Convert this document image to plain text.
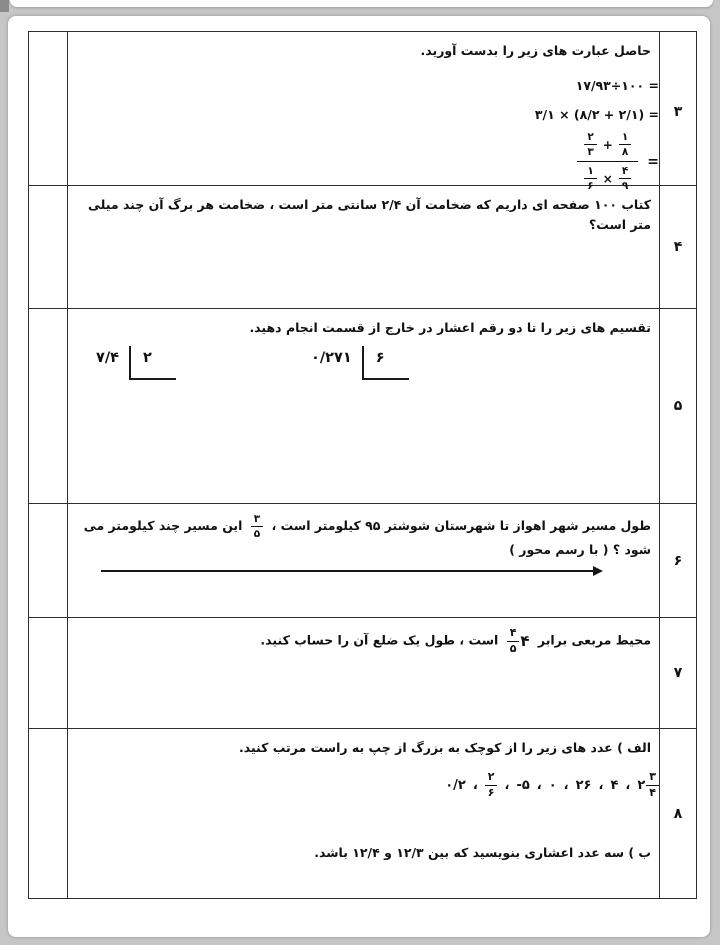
حاصل عبارت های زیر را بدست آورید.
۱۷/۹۳÷۱۰۰ =
۳/۱ × (۸/۲ + ۲/۱) =
۲
۳
+
۱
۸
۱
۶
×
۴
۹
=
۳
کتاب ۱۰۰ صفحه ای داریم که ضخامت آن ۲/۴ سانتی متر است ، ضخامت هر برگ آن چند میلی متر است؟
۴
تقسیم های زیر را تا دو رقم اعشار در خارج از قسمت انجام دهید.
۷/۴	۲	۰/۲۷۱	۶
۵
طول مسیر شهر اهواز تا شهرستان شوشتر ۹۵ کیلومتر است ،
۳
۵
این مسیر چند کیلومتر می شود ؟ ( با رسم محور )
۶
محیط مربعی برابر
۴
۴
۵
است ، طول یک ضلع آن را حساب کنید.
۷
الف ) عدد های زیر را از کوچک به بزرگ از چپ به راست مرتب کنید.
۰/۲ ،
۲
۶ ، -۵ ، ۰ ، ۲۶ ، ۴ ، ۲
۳
۴
ب ) سه عدد اعشاری بنویسید که بین ۱۲/۳ و ۱۲/۴ باشد.
۸
